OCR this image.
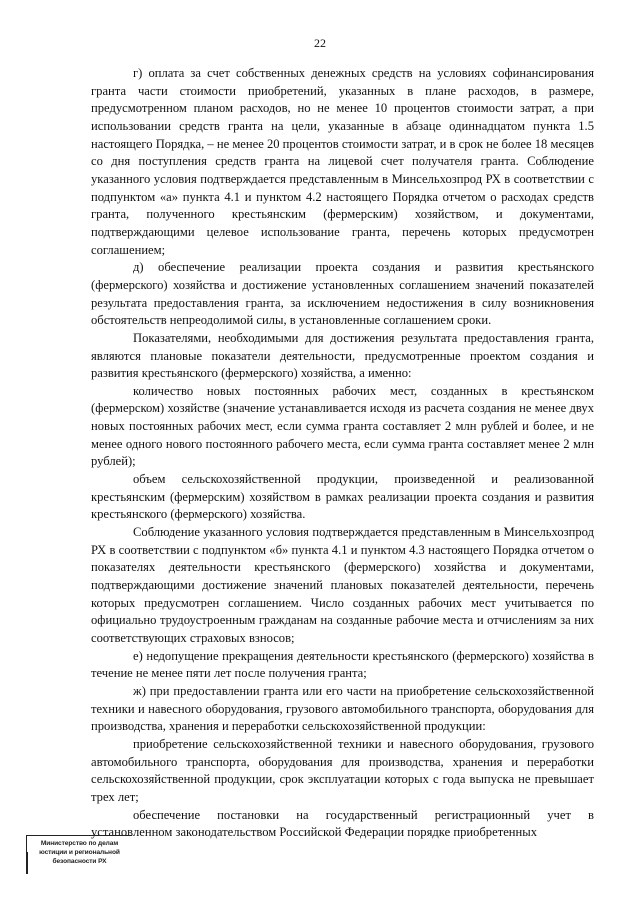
22

г) оплата за счет собственных денежных средств на условиях софинансирования гранта части стоимости приобретений, указанных в плане расходов, в размере, предусмотренном планом расходов, но не менее 10 процентов стоимости затрат, а при использовании средств гранта на цели, указанные в абзаце одиннадцатом пункта 1.5 настоящего Порядка, – не менее 20 процентов стоимости затрат, и в срок не более 18 месяцев со дня поступления средств гранта на лицевой счет получателя гранта. Соблюдение указанного условия подтверждается представленным в Минсельхозпрод РХ в соответствии с подпунктом «а» пункта 4.1 и пунктом 4.2 настоящего Порядка отчетом о расходах средств гранта, полученного крестьянским (фермерским) хозяйством, и документами, подтверждающими целевое использование гранта, перечень которых предусмотрен соглашением;

д) обеспечение реализации проекта создания и развития крестьянского (фермерского) хозяйства и достижение установленных соглашением значений показателей результата предоставления гранта, за исключением недостижения в силу возникновения обстоятельств непреодолимой силы, в установленные соглашением сроки.

Показателями, необходимыми для достижения результата предоставления гранта, являются плановые показатели деятельности, предусмотренные проектом создания и развития крестьянского (фермерского) хозяйства, а именно:

количество новых постоянных рабочих мест, созданных в крестьянском (фермерском) хозяйстве (значение устанавливается исходя из расчета создания не менее двух новых постоянных рабочих мест, если сумма гранта составляет 2 млн рублей и более, и не менее одного нового постоянного рабочего места, если сумма гранта составляет менее 2 млн рублей);

объем сельскохозяйственной продукции, произведенной и реализованной крестьянским (фермерским) хозяйством в рамках реализации проекта создания и развития крестьянского (фермерского) хозяйства.

Соблюдение указанного условия подтверждается представленным в Минсельхозпрод РХ в соответствии с подпунктом «б» пункта 4.1 и пунктом 4.3 настоящего Порядка отчетом о показателях деятельности крестьянского (фермерского) хозяйства и документами, подтверждающими достижение значений плановых показателей деятельности, перечень которых предусмотрен соглашением. Число созданных рабочих мест учитывается по официально трудоустроенным гражданам на созданные рабочие места и отчислениям за них соответствующих страховых взносов;

е) недопущение прекращения деятельности крестьянского (фермерского) хозяйства в течение не менее пяти лет после получения гранта;

ж) при предоставлении гранта или его части на приобретение сельскохозяйственной техники и навесного оборудования, грузового автомобильного транспорта, оборудования для производства, хранения и переработки сельскохозяйственной продукции:

приобретение сельскохозяйственной техники и навесного оборудования, грузового автомобильного транспорта, оборудования для производства, хранения и переработки сельскохозяйственной продукции, срок эксплуатации которых с года выпуска не превышает трех лет;

обеспечение постановки на государственный регистрационный учет в установленном законодательством Российской Федерации порядке приобретенных

Министерство по делам
юстиции и региональной
безопасности РХ
